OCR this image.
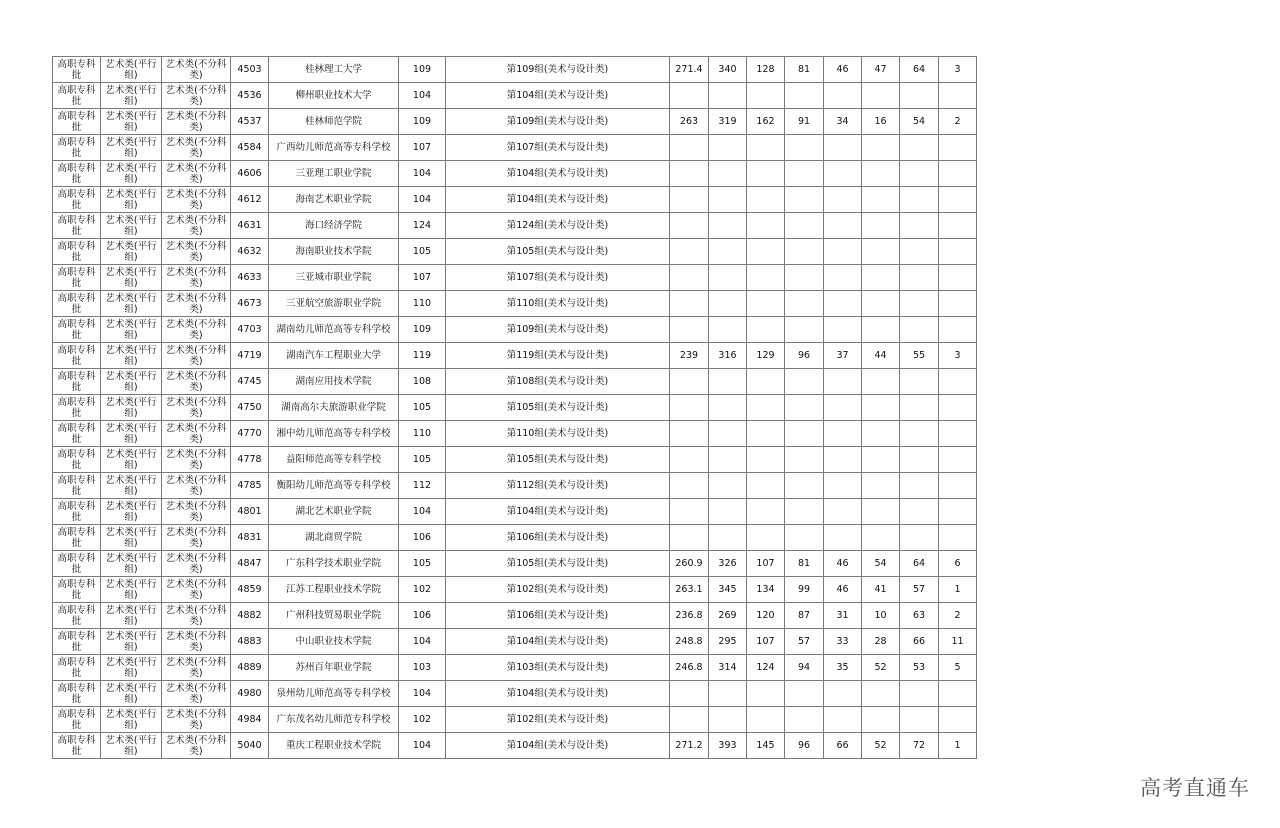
高职专科批	艺术类(平行组)	艺术类(不分科类)	4503	桂林理工大学	109	第109组(美术与设计类)	271.4	340	128	81	46	47	64	3
高职专科批	艺术类(平行组)	艺术类(不分科类)	4536	柳州职业技术大学	104	第104组(美术与设计类)								
高职专科批	艺术类(平行组)	艺术类(不分科类)	4537	桂林师范学院	109	第109组(美术与设计类)	263	319	162	91	34	16	54	2
高职专科批	艺术类(平行组)	艺术类(不分科类)	4584	广西幼儿师范高等专科学校	107	第107组(美术与设计类)								
高职专科批	艺术类(平行组)	艺术类(不分科类)	4606	三亚理工职业学院	104	第104组(美术与设计类)								
高职专科批	艺术类(平行组)	艺术类(不分科类)	4612	海南艺术职业学院	104	第104组(美术与设计类)								
高职专科批	艺术类(平行组)	艺术类(不分科类)	4631	海口经济学院	124	第124组(美术与设计类)								
高职专科批	艺术类(平行组)	艺术类(不分科类)	4632	海南职业技术学院	105	第105组(美术与设计类)								
高职专科批	艺术类(平行组)	艺术类(不分科类)	4633	三亚城市职业学院	107	第107组(美术与设计类)								
高职专科批	艺术类(平行组)	艺术类(不分科类)	4673	三亚航空旅游职业学院	110	第110组(美术与设计类)								
高职专科批	艺术类(平行组)	艺术类(不分科类)	4703	湖南幼儿师范高等专科学校	109	第109组(美术与设计类)								
高职专科批	艺术类(平行组)	艺术类(不分科类)	4719	湖南汽车工程职业大学	119	第119组(美术与设计类)	239	316	129	96	37	44	55	3
高职专科批	艺术类(平行组)	艺术类(不分科类)	4745	湖南应用技术学院	108	第108组(美术与设计类)								
高职专科批	艺术类(平行组)	艺术类(不分科类)	4750	湖南高尔夫旅游职业学院	105	第105组(美术与设计类)								
高职专科批	艺术类(平行组)	艺术类(不分科类)	4770	湘中幼儿师范高等专科学校	110	第110组(美术与设计类)								
高职专科批	艺术类(平行组)	艺术类(不分科类)	4778	益阳师范高等专科学校	105	第105组(美术与设计类)								
高职专科批	艺术类(平行组)	艺术类(不分科类)	4785	衡阳幼儿师范高等专科学校	112	第112组(美术与设计类)								
高职专科批	艺术类(平行组)	艺术类(不分科类)	4801	湖北艺术职业学院	104	第104组(美术与设计类)								
高职专科批	艺术类(平行组)	艺术类(不分科类)	4831	湖北商贸学院	106	第106组(美术与设计类)								
高职专科批	艺术类(平行组)	艺术类(不分科类)	4847	广东科学技术职业学院	105	第105组(美术与设计类)	260.9	326	107	81	46	54	64	6
高职专科批	艺术类(平行组)	艺术类(不分科类)	4859	江苏工程职业技术学院	102	第102组(美术与设计类)	263.1	345	134	99	46	41	57	1
高职专科批	艺术类(平行组)	艺术类(不分科类)	4882	广州科技贸易职业学院	106	第106组(美术与设计类)	236.8	269	120	87	31	10	63	2
高职专科批	艺术类(平行组)	艺术类(不分科类)	4883	中山职业技术学院	104	第104组(美术与设计类)	248.8	295	107	57	33	28	66	11
高职专科批	艺术类(平行组)	艺术类(不分科类)	4889	苏州百年职业学院	103	第103组(美术与设计类)	246.8	314	124	94	35	52	53	5
高职专科批	艺术类(平行组)	艺术类(不分科类)	4980	泉州幼儿师范高等专科学校	104	第104组(美术与设计类)								
高职专科批	艺术类(平行组)	艺术类(不分科类)	4984	广东茂名幼儿师范专科学校	102	第102组(美术与设计类)								
高职专科批	艺术类(平行组)	艺术类(不分科类)	5040	重庆工程职业技术学院	104	第104组(美术与设计类)	271.2	393	145	96	66	52	72	1
高考直通车
